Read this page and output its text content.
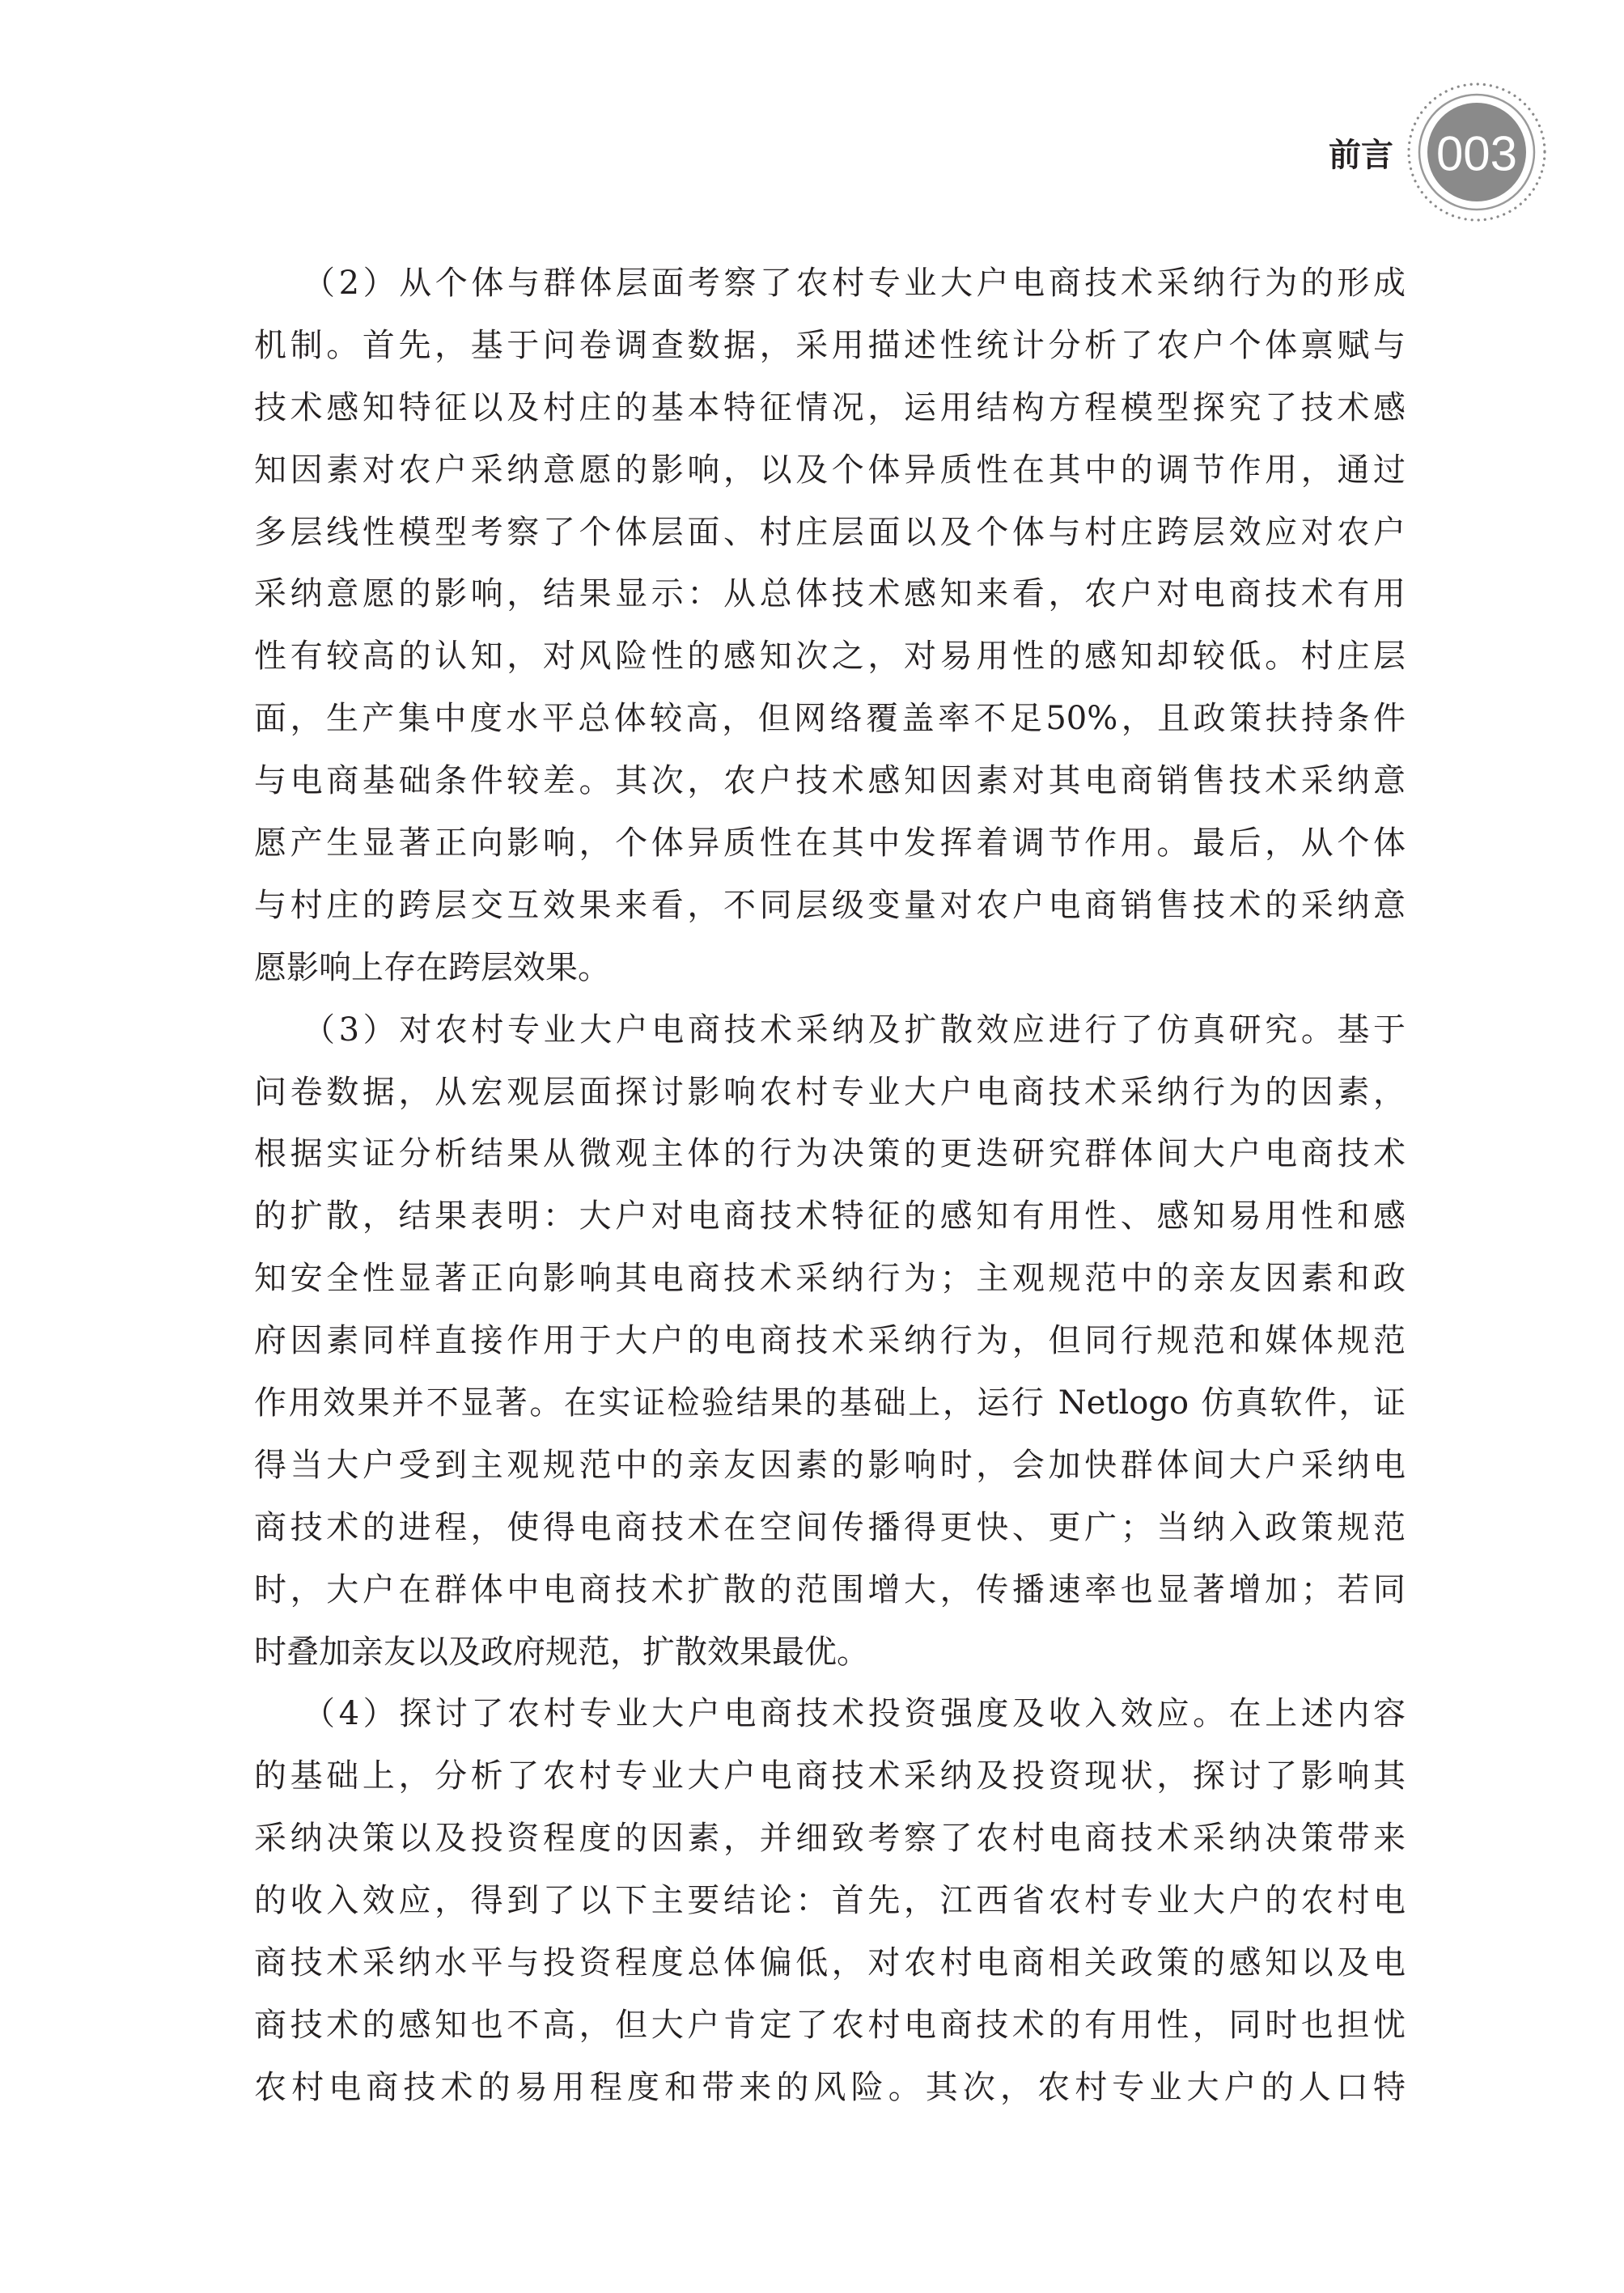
前言 003
（2）从个体与群体层面考察了农村专业大户电商技术采纳行为的形成
机制。首先，基于问卷调查数据，采用描述性统计分析了农户个体禀赋与
技术感知特征以及村庄的基本特征情况，运用结构方程模型探究了技术感
知因素对农户采纳意愿的影响，以及个体异质性在其中的调节作用，通过
多层线性模型考察了个体层面、村庄层面以及个体与村庄跨层效应对农户
采纳意愿的影响，结果显示：从总体技术感知来看，农户对电商技术有用
性有较高的认知，对风险性的感知次之，对易用性的感知却较低。村庄层
面，生产集中度水平总体较高，但网络覆盖率不足50%，且政策扶持条件
与电商基础条件较差。其次，农户技术感知因素对其电商销售技术采纳意
愿产生显著正向影响，个体异质性在其中发挥着调节作用。最后，从个体
与村庄的跨层交互效果来看，不同层级变量对农户电商销售技术的采纳意
愿影响上存在跨层效果。
（3）对农村专业大户电商技术采纳及扩散效应进行了仿真研究。基于
问卷数据，从宏观层面探讨影响农村专业大户电商技术采纳行为的因素，
根据实证分析结果从微观主体的行为决策的更迭研究群体间大户电商技术
的扩散，结果表明：大户对电商技术特征的感知有用性、感知易用性和感
知安全性显著正向影响其电商技术采纳行为；主观规范中的亲友因素和政
府因素同样直接作用于大户的电商技术采纳行为，但同行规范和媒体规范
作用效果并不显著。在实证检验结果的基础上，运行 Netlogo 仿真软件，证
得当大户受到主观规范中的亲友因素的影响时，会加快群体间大户采纳电
商技术的进程，使得电商技术在空间传播得更快、更广；当纳入政策规范
时，大户在群体中电商技术扩散的范围增大，传播速率也显著增加；若同
时叠加亲友以及政府规范，扩散效果最优。
（4）探讨了农村专业大户电商技术投资强度及收入效应。在上述内容
的基础上，分析了农村专业大户电商技术采纳及投资现状，探讨了影响其
采纳决策以及投资程度的因素，并细致考察了农村电商技术采纳决策带来
的收入效应，得到了以下主要结论：首先，江西省农村专业大户的农村电
商技术采纳水平与投资程度总体偏低，对农村电商相关政策的感知以及电
商技术的感知也不高，但大户肯定了农村电商技术的有用性，同时也担忧
农村电商技术的易用程度和带来的风险。其次，农村专业大户的人口特
